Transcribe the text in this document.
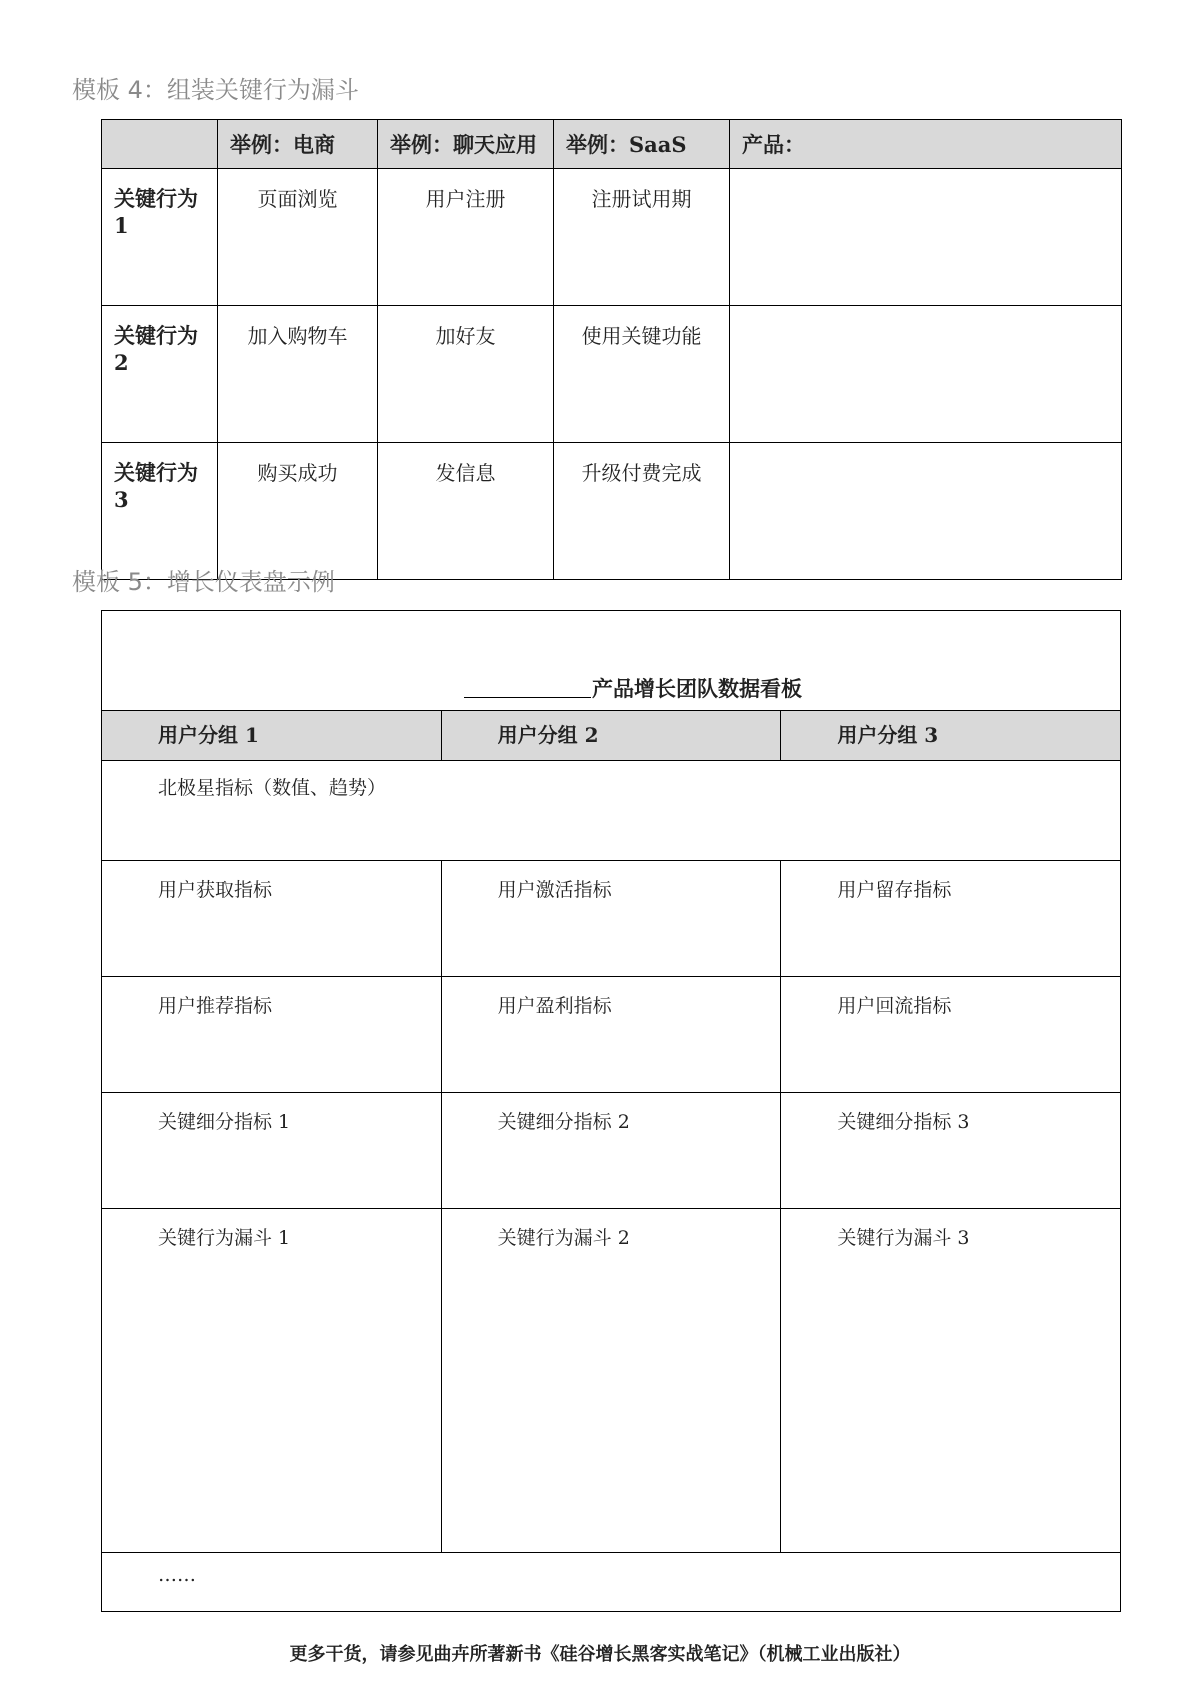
模板 4：组装关键行为漏斗
	举例：电商	举例：聊天应用	举例：SaaS	产品：
关键行为 1	页面浏览	用户注册	注册试用期	
关键行为 2	加入购物车	加好友	使用关键功能	
关键行为 3	购买成功	发信息	升级付费完成	
模板 5：增长仪表盘示例
产品增长团队数据看板
用户分组 1	用户分组 2	用户分组 3
北极星指标（数值、趋势）
用户获取指标	用户激活指标	用户留存指标
用户推荐指标	用户盈利指标	用户回流指标
关键细分指标 1	关键细分指标 2	关键细分指标 3
关键行为漏斗 1	关键行为漏斗 2	关键行为漏斗 3
……
更多干货，请参见曲卉所著新书《硅谷增长黑客实战笔记》（机械工业出版社）
